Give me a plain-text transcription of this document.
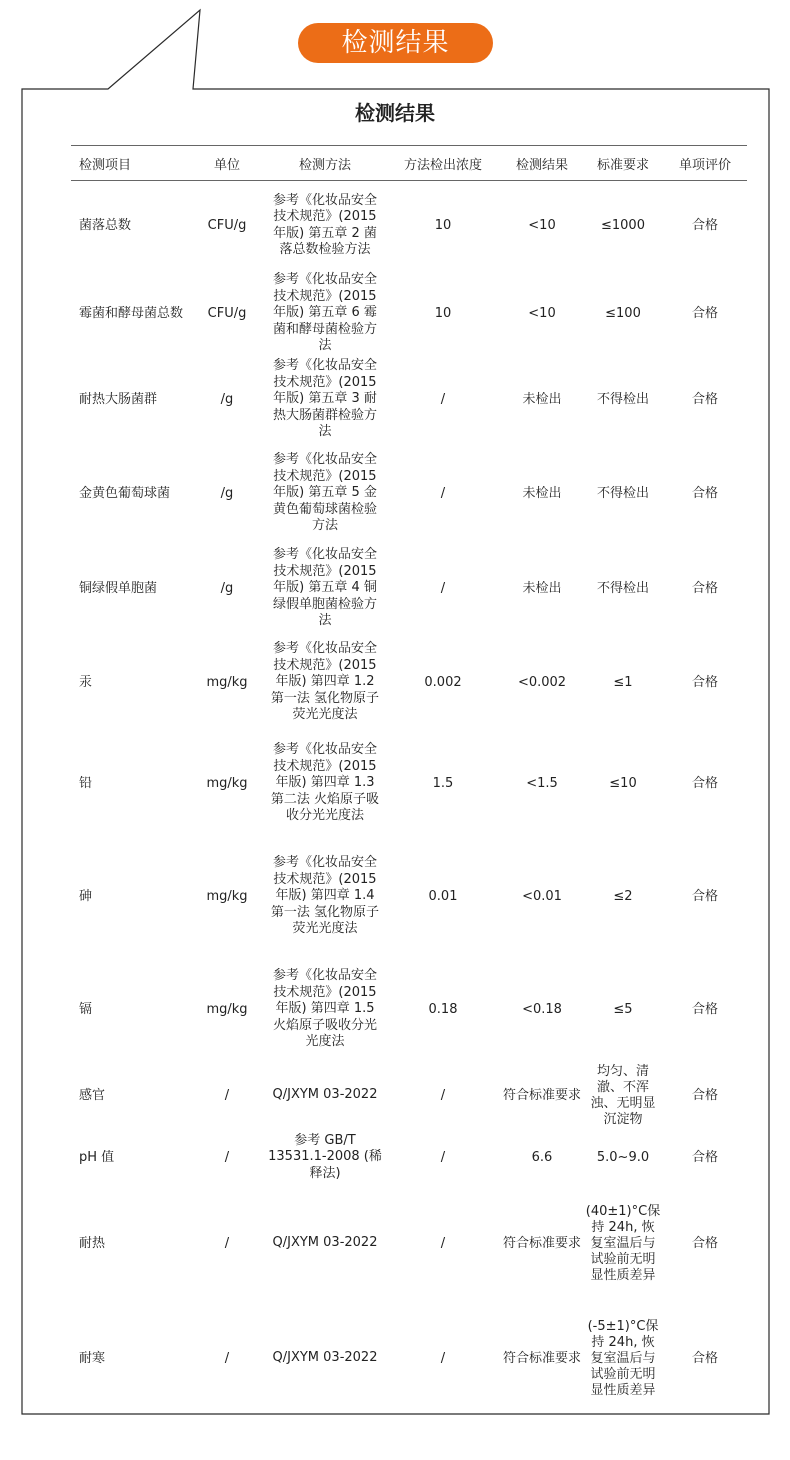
检测结果
检测结果
检测项目	单位	检测方法	方法检出浓度	检测结果	标准要求	单项评价
菌落总数	CFU/g	参考《化妆品安全技术规范》(2015 年版) 第五章 2 菌落总数检验方法	10	<10	≤1000	合格
霉菌和酵母菌总数	CFU/g	参考《化妆品安全技术规范》(2015 年版) 第五章 6 霉菌和酵母菌检验方法	10	<10	≤100	合格
耐热大肠菌群	/g	参考《化妆品安全技术规范》(2015 年版) 第五章 3 耐热大肠菌群检验方法	/	未检出	不得检出	合格
金黄色葡萄球菌	/g	参考《化妆品安全技术规范》(2015 年版) 第五章 5 金黄色葡萄球菌检验方法	/	未检出	不得检出	合格
铜绿假单胞菌	/g	参考《化妆品安全技术规范》(2015 年版) 第五章 4 铜绿假单胞菌检验方法	/	未检出	不得检出	合格
汞	mg/kg	参考《化妆品安全技术规范》(2015 年版) 第四章 1.2 第一法 氢化物原子荧光光度法	0.002	<0.002	≤1	合格
铅	mg/kg	参考《化妆品安全技术规范》(2015 年版) 第四章 1.3 第二法 火焰原子吸收分光光度法	1.5	<1.5	≤10	合格
砷	mg/kg	参考《化妆品安全技术规范》(2015 年版) 第四章 1.4 第一法 氢化物原子荧光光度法	0.01	<0.01	≤2	合格
镉	mg/kg	参考《化妆品安全技术规范》(2015 年版) 第四章 1.5 火焰原子吸收分光光度法	0.18	<0.18	≤5	合格
感官	/	Q/JXYM 03-2022	/	符合标准要求	均匀、清澈、不浑浊、无明显沉淀物	合格
pH 值	/	参考 GB/T 13531.1-2008 (稀释法)	/	6.6	5.0~9.0	合格
耐热	/	Q/JXYM 03-2022	/	符合标准要求	(40±1)°C保持 24h, 恢复室温后与试验前无明显性质差异	合格
耐寒	/	Q/JXYM 03-2022	/	符合标准要求	(-5±1)°C保持 24h, 恢复室温后与试验前无明显性质差异	合格
